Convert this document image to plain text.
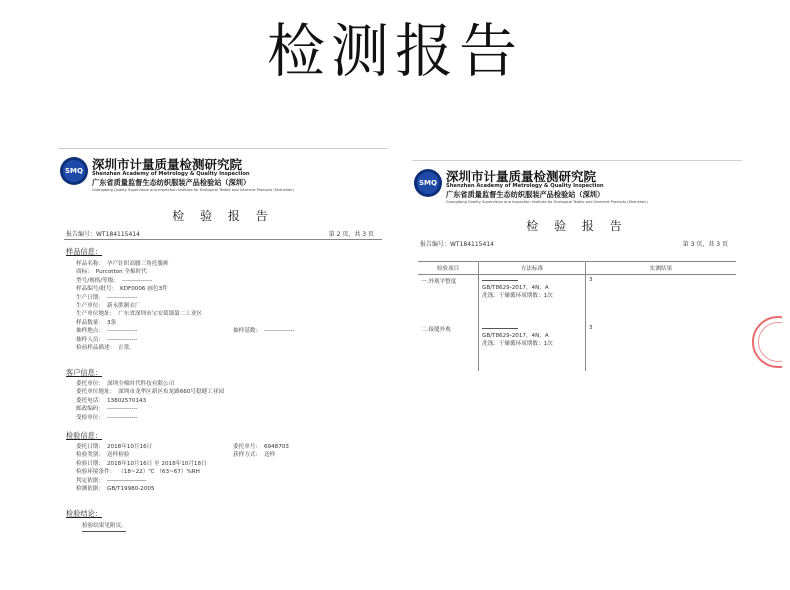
检测报告
SMQ 深圳市计量质量检测研究院
Shenzhen Academy of Metrology & Quality Inspection
广东省质量监督生态纺织服装产品检验站（深圳）
Guangdong Quality Supervision and Inspection Institute for Ecological Textile and Garment Products (Shenzhen)
检 验 报 告
报告编号：WT184115414	第 2 页，共 3 页
样品信息：
样品名称： 孕产针织高腰三角托腹裤
商标： Purcotton 全棉时代
型号/规格/等级： ---------------
样品编号/批号： KDF0006 画色3件
生产日期： ---------------
生产单位： 新永胜制衣厂
生产单位地址： 广东省深圳市宝安裁墙第二工业区
样品数量： 3条
抽样地点： ---------------
抽样人员： ---------------
检前样品描述： 正常。
抽样基数： ---------------
客户信息：
委托单位： 深圳全棉时代科技有限公司
委托单位地址： 深圳市龙华区新区布龙路660号稳健工业园
委托电话： 13802570143
邮政编码： ---------------
受检单位： ---------------
检验信息：
委托日期： 2018年10月16日
检验类别： 送样检验
检验日期： 2018年10月16日 至 2018年10月18日
检验环境条件： （18~22）℃ （63~67）%RH
判定依据： ―――――――
检测依据： GB/T19980-2005
委托单号： 6948703
获样方式： 送样
检验结论：
检验结果见附页。
SMQ 深圳市计量质量检测研究院
Shenzhen Academy of Metrology & Quality Inspection
广东省质量监督生态纺织服装产品检验站（深圳）
Guangdong Quality Supervision and Inspection Institute for Ecological Textile and Garment Products (Shenzhen)
检 验 报 告
报告编号：WT184115414	第 3 页，共 3 页
检验项目	方法标准	实测结果
一.外观平整度	GB/T8629-2017，4N，A
洗涤、干燥循环周期数：1次	3
二.接缝外观	GB/T8629-2017，4N，A
洗涤、干燥循环周期数：1次	3
